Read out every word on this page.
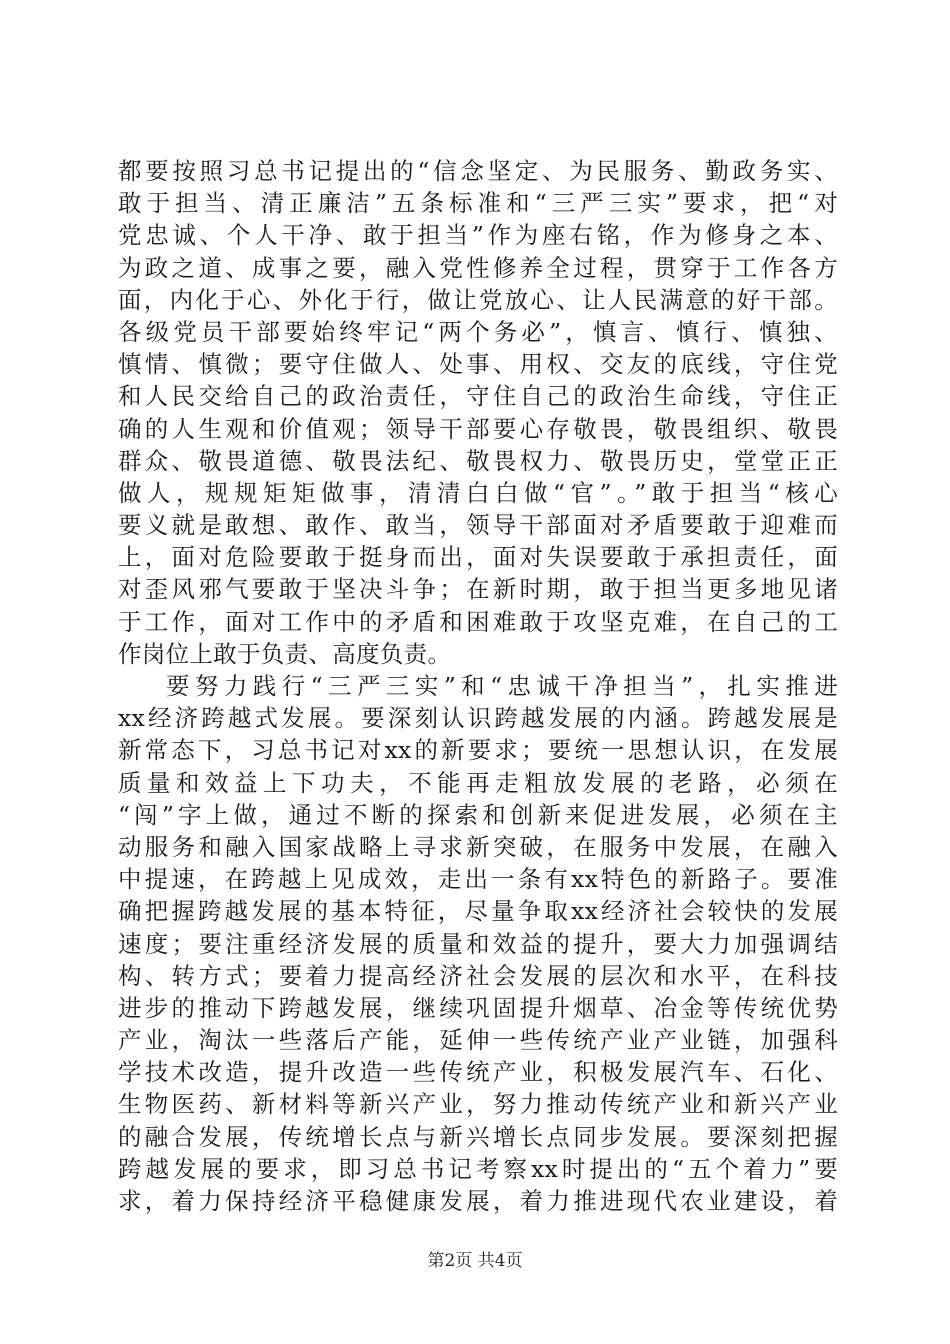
都要按照习总书记提出的“信念坚定、为民服务、勤政务实、
敢于担当、清正廉洁”五条标准和“三严三实”要求，把“对
党忠诚、个人干净、敢于担当”作为座右铭，作为修身之本、
为政之道、成事之要，融入党性修养全过程，贯穿于工作各方
面，内化于心、外化于行，做让党放心、让人民满意的好干部。
各级党员干部要始终牢记“两个务必”，慎言、慎行、慎独、
慎情、慎微；要守住做人、处事、用权、交友的底线，守住党
和人民交给自己的政治责任，守住自己的政治生命线，守住正
确的人生观和价值观；领导干部要心存敬畏，敬畏组织、敬畏
群众、敬畏道德、敬畏法纪、敬畏权力、敬畏历史，堂堂正正
做人，规规矩矩做事，清清白白做“官”。”敢于担当“核心
要义就是敢想、敢作、敢当，领导干部面对矛盾要敢于迎难而
上，面对危险要敢于挺身而出，面对失误要敢于承担责任，面
对歪风邪气要敢于坚决斗争；在新时期，敢于担当更多地见诸
于工作，面对工作中的矛盾和困难敢于攻坚克难，在自己的工
作岗位上敢于负责、高度负责。
要努力践行“三严三实”和“忠诚干净担当”，扎实推进
xx经济跨越式发展。要深刻认识跨越发展的内涵。跨越发展是
新常态下，习总书记对xx的新要求；要统一思想认识，在发展
质量和效益上下功夫，不能再走粗放发展的老路，必须在
“闯”字上做，通过不断的探索和创新来促进发展，必须在主
动服务和融入国家战略上寻求新突破，在服务中发展，在融入
中提速，在跨越上见成效，走出一条有xx特色的新路子。要准
确把握跨越发展的基本特征，尽量争取xx经济社会较快的发展
速度；要注重经济发展的质量和效益的提升，要大力加强调结
构、转方式；要着力提高经济社会发展的层次和水平，在科技
进步的推动下跨越发展，继续巩固提升烟草、冶金等传统优势
产业，淘汰一些落后产能，延伸一些传统产业产业链，加强科
学技术改造，提升改造一些传统产业，积极发展汽车、石化、
生物医药、新材料等新兴产业，努力推动传统产业和新兴产业
的融合发展，传统增长点与新兴增长点同步发展。要深刻把握
跨越发展的要求，即习总书记考察xx时提出的“五个着力”要
求，着力保持经济平稳健康发展，着力推进现代农业建设，着
第2页 共4页
